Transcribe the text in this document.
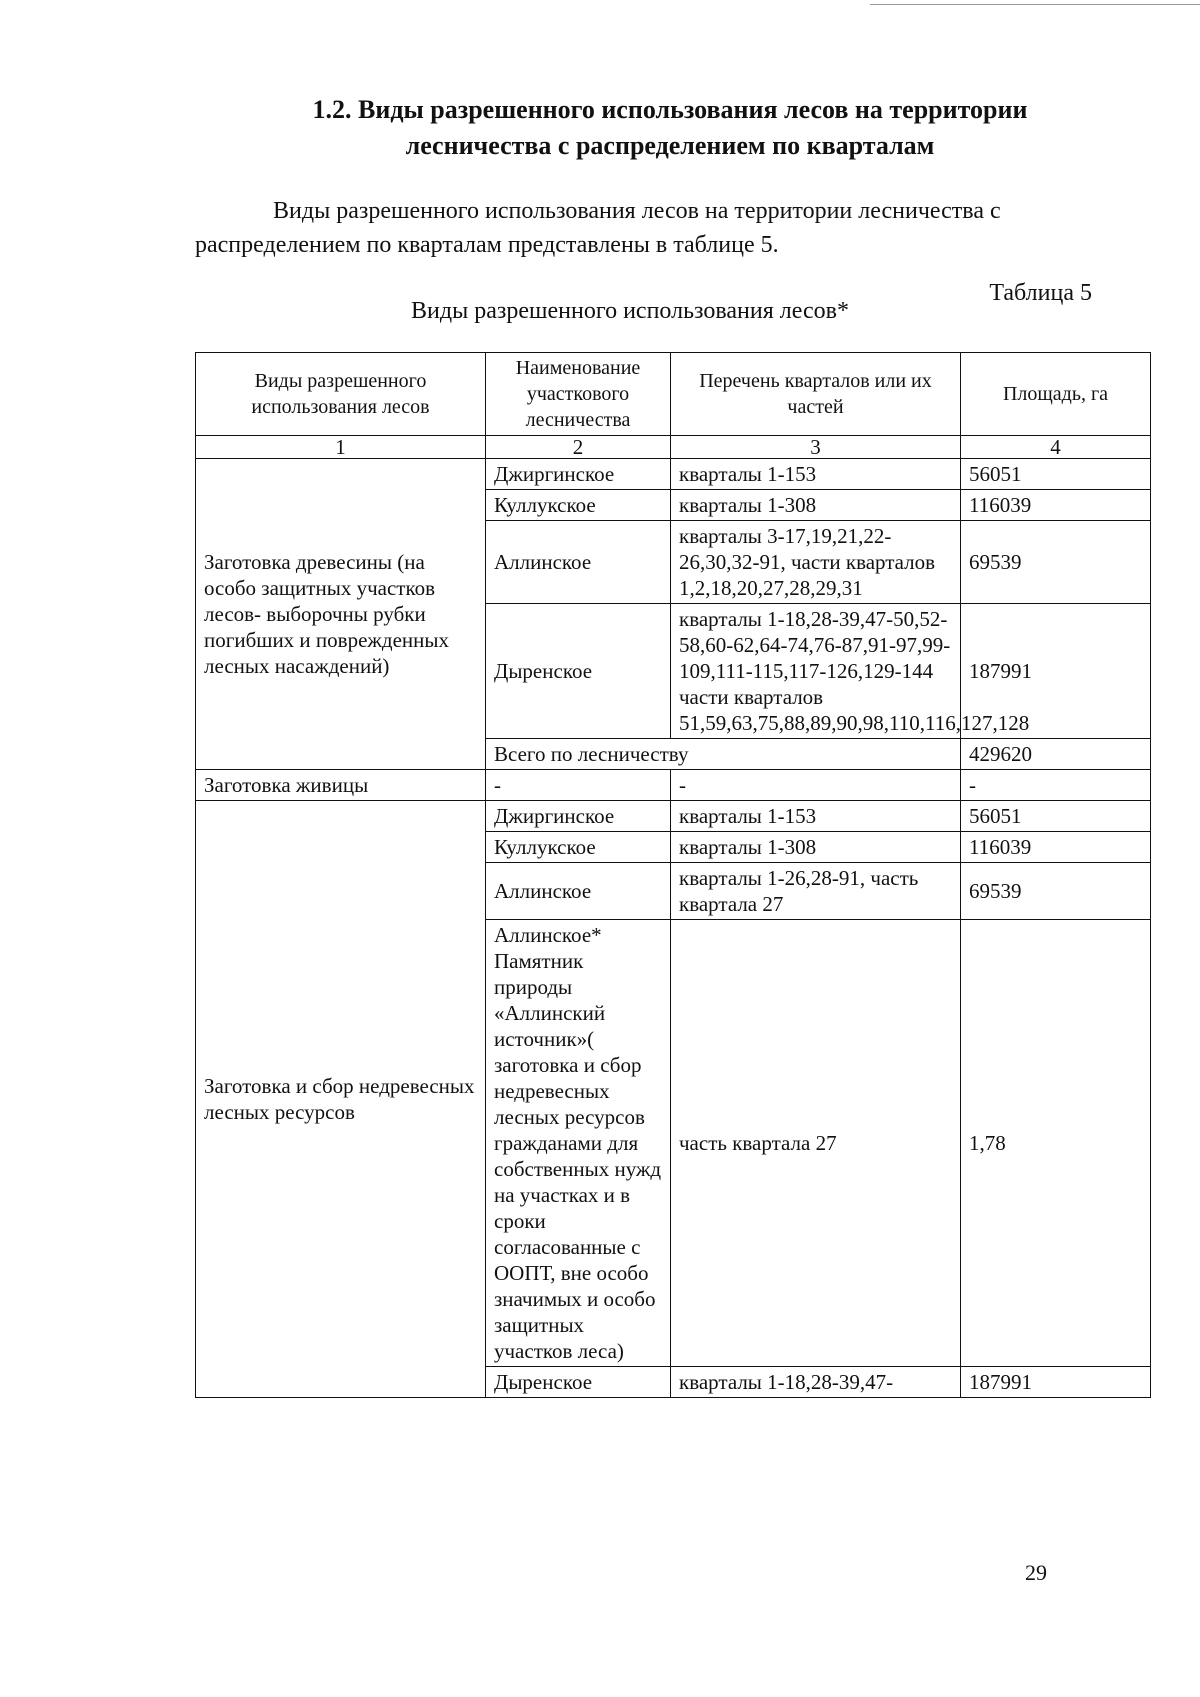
1.2. Виды разрешенного использования лесов на территории
лесничества с распределением по кварталам
Виды разрешенного использования лесов на территории лесничества с распределением по кварталам представлены в таблице 5.
Таблица 5
Виды разрешенного использования лесов*
Виды разрешенного использования лесов	Наименование участкового лесничества	Перечень кварталов или их частей	Площадь, га
1	2	3	4
Заготовка древесины (на особо защитных участков лесов- выборочны рубки погибших и поврежденных лесных насаждений)	Джиргинское	кварталы 1-153	56051
	Куллукское	кварталы 1-308	116039
	Аллинское	кварталы 3-17,19,21,22-26,30,32-91, части кварталов 1,2,18,20,27,28,29,31	69539
	Дыренское	кварталы 1-18,28-39,47-50,52-58,60-62,64-74,76-87,91-97,99-109,111-115,117-126,129-144 части кварталов 51,59,63,75,88,89,90,98,110,116,127,128	187991
	Всего по лесничеству		429620
Заготовка живицы	-	-	-
Заготовка и сбор недревесных лесных ресурсов	Джиргинское	кварталы 1-153	56051
	Куллукское	кварталы 1-308	116039
	Аллинское	кварталы 1-26,28-91, часть квартала 27	69539
	Аллинское* Памятник природы «Аллинский источник»( заготовка и сбор недревесных лесных ресурсов гражданами для собственных нужд на участках и в сроки согласованные с ООПТ, вне особо значимых и особо защитных участков леса)	часть квартала 27	1,78
	Дыренское	кварталы 1-18,28-39,47-	187991
29
